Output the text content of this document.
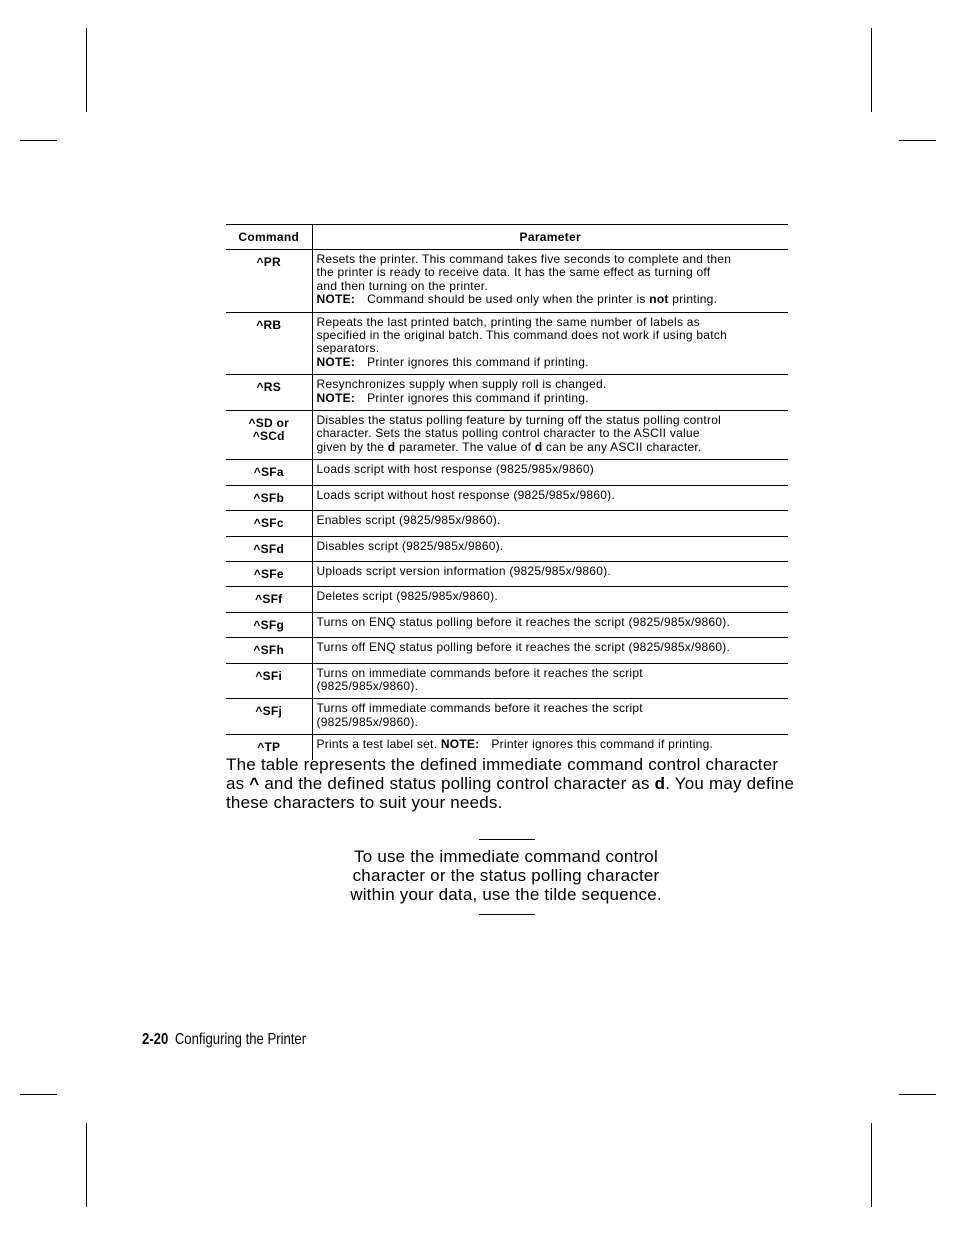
Command	Parameter

^PR	Resets the printer. This command takes five seconds to complete and then
the printer is ready to receive data. It has the same effect as turning off
and then turning on the printer.
NOTE: Command should be used only when the printer is not printing.

^RB	Repeats the last printed batch, printing the same number of labels as
specified in the original batch. This command does not work if using batch
separators.
NOTE: Printer ignores this command if printing.

^RS	Resynchronizes supply when supply roll is changed.
NOTE: Printer ignores this command if printing.

^SD or
^SCd	Disables the status polling feature by turning off the status polling control
character. Sets the status polling control character to the ASCII value
given by the d parameter. The value of d can be any ASCII character.

^SFa	Loads script with host response (9825/985x/9860)

^SFb	Loads script without host response (9825/985x/9860).

^SFc	Enables script (9825/985x/9860).

^SFd	Disables script (9825/985x/9860).

^SFe	Uploads script version information (9825/985x/9860).

^SFf	Deletes script (9825/985x/9860).

^SFg	Turns on ENQ status polling before it reaches the script (9825/985x/9860).

^SFh	Turns off ENQ status polling before it reaches the script (9825/985x/9860).

^SFi	Turns on immediate commands before it reaches the script
(9825/985x/9860).

^SFj	Turns off immediate commands before it reaches the script
(9825/985x/9860).

^TP	Prints a test label set. NOTE: Printer ignores this command if printing.

The table represents the defined immediate command control character as ^ and the defined status polling control character as d. You may define these characters to suit your needs.

To use the immediate command control
character or the status polling character
within your data, use the tilde sequence.

2-20 Configuring the Printer
